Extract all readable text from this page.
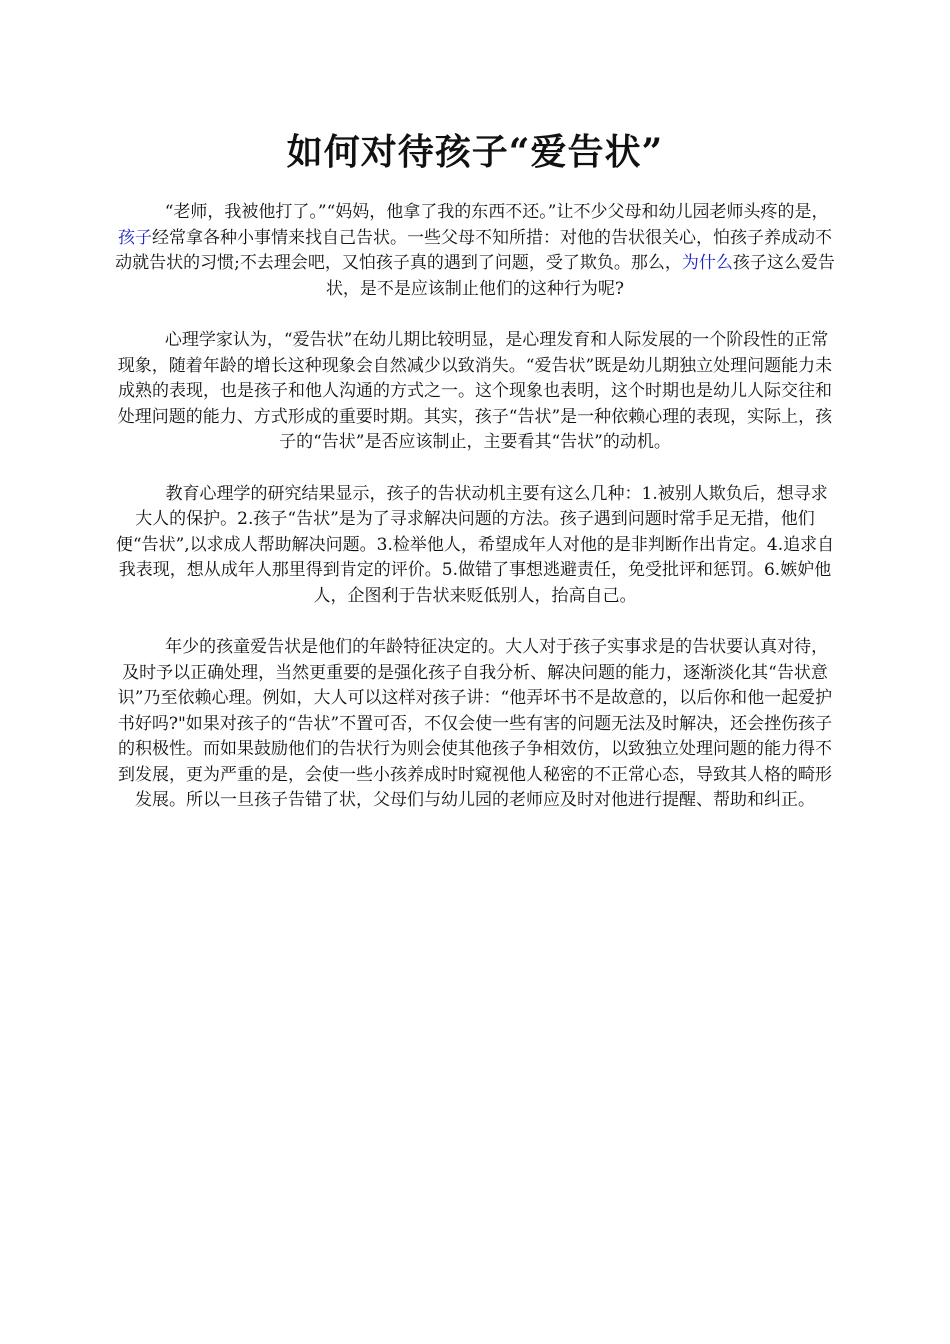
如何对待孩子“爱告状”

“老师，我被他打了。”“妈妈，他拿了我的东西不还。”让不少父母和幼儿园老师头疼的是，孩子经常拿各种小事情来找自己告状。一些父母不知所措：对他的告状很关心，怕孩子养成动不动就告状的习惯;不去理会吧，又怕孩子真的遇到了问题，受了欺负。那么，为什么孩子这么爱告状，是不是应该制止他们的这种行为呢?

心理学家认为，“爱告状”在幼儿期比较明显，是心理发育和人际发展的一个阶段性的正常现象，随着年龄的增长这种现象会自然减少以致消失。“爱告状”既是幼儿期独立处理问题能力未成熟的表现，也是孩子和他人沟通的方式之一。这个现象也表明，这个时期也是幼儿人际交往和处理问题的能力、方式形成的重要时期。其实，孩子“告状”是一种依赖心理的表现，实际上，孩子的“告状”是否应该制止，主要看其“告状”的动机。

教育心理学的研究结果显示，孩子的告状动机主要有这么几种：1.被别人欺负后，想寻求大人的保护。2.孩子“告状”是为了寻求解决问题的方法。孩子遇到问题时常手足无措，他们便“告状”,以求成人帮助解决问题。3.检举他人，希望成年人对他的是非判断作出肯定。4.追求自我表现，想从成年人那里得到肯定的评价。5.做错了事想逃避责任，免受批评和惩罚。6.嫉妒他人，企图利于告状来贬低别人，抬高自己。

年少的孩童爱告状是他们的年龄特征决定的。大人对于孩子实事求是的告状要认真对待，及时予以正确处理，当然更重要的是强化孩子自我分析、解决问题的能力，逐渐淡化其“告状意识”乃至依赖心理。例如，大人可以这样对孩子讲：“他弄坏书不是故意的，以后你和他一起爱护书好吗?"如果对孩子的“告状”不置可否，不仅会使一些有害的问题无法及时解决，还会挫伤孩子的积极性。而如果鼓励他们的告状行为则会使其他孩子争相效仿，以致独立处理问题的能力得不到发展，更为严重的是，会使一些小孩养成时时窥视他人秘密的不正常心态，导致其人格的畸形发展。所以一旦孩子告错了状，父母们与幼儿园的老师应及时对他进行提醒、帮助和纠正。
